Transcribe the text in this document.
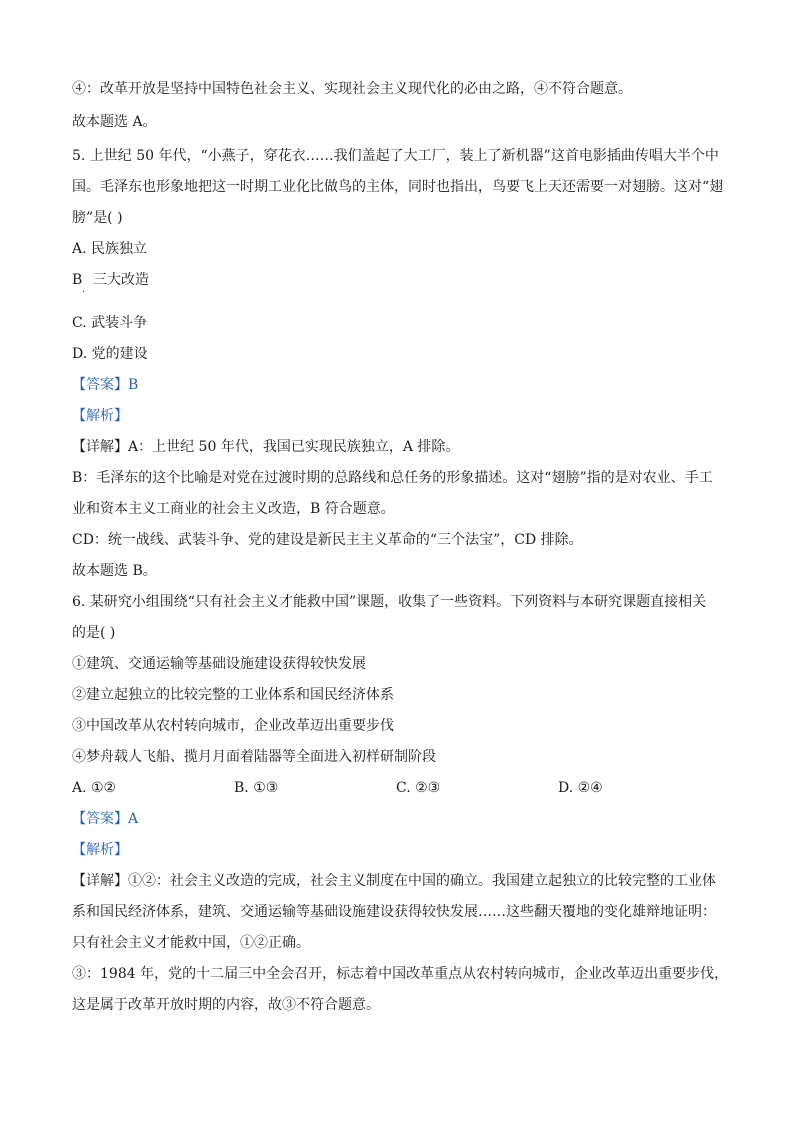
④：改革开放是坚持中国特色社会主义、实现社会主义现代化的必由之路，④不符合题意。
故本题选 A。
5. 上世纪 50 年代，“小燕子，穿花衣……我们盖起了大工厂，装上了新机器”这首电影插曲传唱大半个中
国。毛泽东也形象地把这一时期工业化比做鸟的主体，同时也指出，鸟要飞上天还需要一对翅膀。这对“翅
膀”是( )
A. 民族独立
B 三大改造
.
C. 武装斗争
D. 党的建设
【答案】B
【解析】
【详解】A：上世纪 50 年代，我国已实现民族独立，A 排除。
B：毛泽东的这个比喻是对党在过渡时期的总路线和总任务的形象描述。这对“翅膀”指的是对农业、手工
业和资本主义工商业的社会主义改造，B 符合题意。
CD：统一战线、武装斗争、党的建设是新民主主义革命的“三个法宝”，CD 排除。
故本题选 B。
6. 某研究小组围绕“只有社会主义才能救中国”课题，收集了一些资料。下列资料与本研究课题直接相关
的是( )
①建筑、交通运输等基础设施建设获得较快发展
②建立起独立的比较完整的工业体系和国民经济体系
③中国改革从农村转向城市，企业改革迈出重要步伐
④梦舟载人飞船、揽月月面着陆器等全面进入初样研制阶段
A. ①②	B. ①③	C. ②③	D. ②④
【答案】A
【解析】
【详解】①②：社会主义改造的完成，社会主义制度在中国的确立。我国建立起独立的比较完整的工业体
系和国民经济体系，建筑、交通运输等基础设施建设获得较快发展……这些翻天覆地的变化雄辩地证明：
只有社会主义才能救中国，①②正确。
③：1984 年，党的十二届三中全会召开，标志着中国改革重点从农村转向城市，企业改革迈出重要步伐，
这是属于改革开放时期的内容，故③不符合题意。
